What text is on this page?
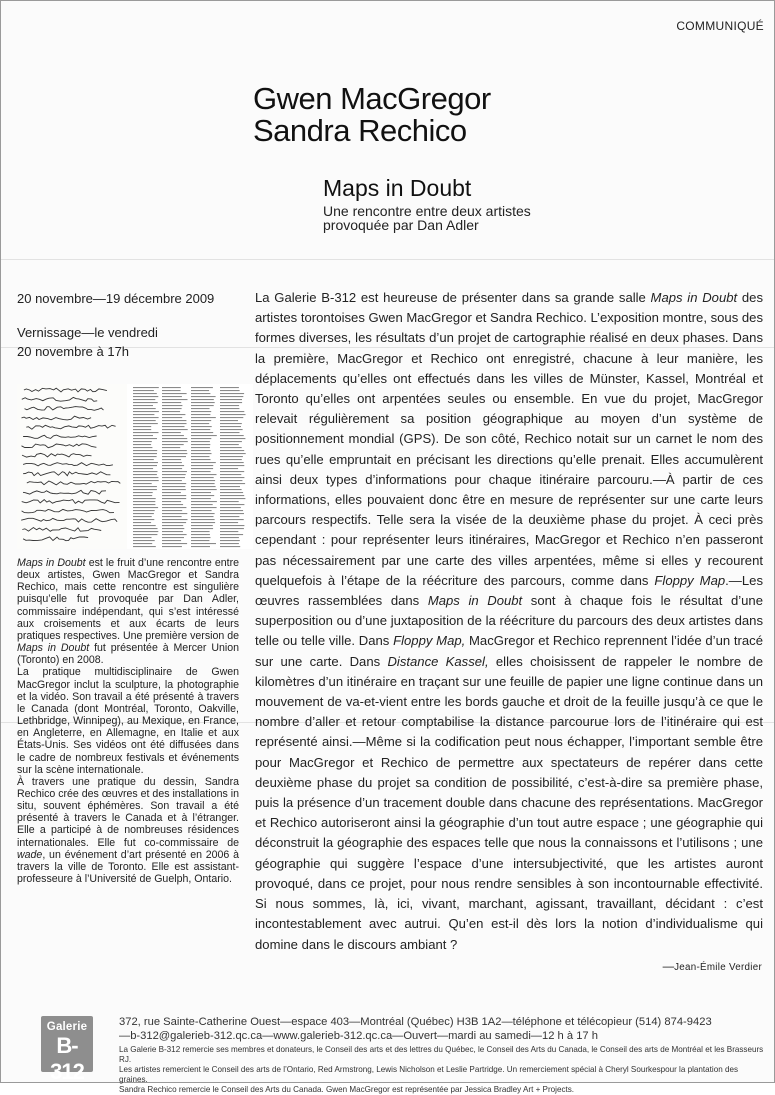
COMMUNIQUÉ
Gwen MacGregor
Sandra Rechico
Maps in Doubt
Une rencontre entre deux artistes
provoquée par Dan Adler
20 novembre—19 décembre 2009
Vernissage—le vendredi
20 novembre à 17h

Maps in Doubt est le fruit d’une rencontre entre deux artistes, Gwen MacGregor et Sandra Rechico, mais cette rencontre est singulière puisqu’elle fut provoquée par Dan Adler, commissaire indépendant, qui s’est intéressé aux croisements et aux écarts de leurs pratiques respectives. Une première version de Maps in Doubt fut présentée à Mercer Union (Toronto) en 2008.

La pratique multidisciplinaire de Gwen MacGregor inclut la sculpture, la photographie et la vidéo. Son travail a été présenté à travers le Canada (dont Montréal, Toronto, Oakville, Lethbridge, Winnipeg), au Mexique, en France, en Angleterre, en Allemagne, en Italie et aux États-Unis. Ses vidéos ont été diffusées dans le cadre de nombreux festivals et événements sur la scène internationale.

À travers une pratique du dessin, Sandra Rechico crée des œuvres et des installations in situ, souvent éphémères. Son travail a été présenté à travers le Canada et à l’étranger. Elle a participé à de nombreuses résidences internationales. Elle fut co-commissaire de wade, un événement d’art présenté en 2006 à travers la ville de Toronto. Elle est assistant-professeure à l’Université de Guelph, Ontario.

La Galerie B-312 est heureuse de présenter dans sa grande salle Maps in Doubt des artistes torontoises Gwen MacGregor et Sandra Rechico. L’exposition montre, sous des formes diverses, les résultats d’un projet de cartographie réalisé en deux phases. Dans la première, MacGregor et Rechico ont enregistré, chacune à leur manière, les déplacements qu’elles ont effectués dans les villes de Münster, Kassel, Montréal et Toronto qu’elles ont arpentées seules ou ensemble. En vue du projet, MacGregor relevait régulièrement sa position géographique au moyen d’un système de positionnement mondial (GPS). De son côté, Rechico notait sur un carnet le nom des rues qu’elle empruntait en précisant les directions qu’elle prenait. Elles accumulèrent ainsi deux types d’informations pour chaque itinéraire parcouru.—À partir de ces informations, elles pouvaient donc être en mesure de représenter sur une carte leurs parcours respectifs. Telle sera la visée de la deuxième phase du projet. À ceci près cependant : pour représenter leurs itinéraires, MacGregor et Rechico n’en passeront pas nécessairement par une carte des villes arpentées, même si elles y recourent quelquefois à l’étape de la réécriture des parcours, comme dans Floppy Map.—Les œuvres rassemblées dans Maps in Doubt sont à chaque fois le résultat d’une superposition ou d’une juxtaposition de la réécriture du parcours des deux artistes dans telle ou telle ville. Dans Floppy Map, MacGregor et Rechico reprennent l’idée d’un tracé sur une carte. Dans Distance Kassel, elles choisissent de rappeler le nombre de kilomètres d’un itinéraire en traçant sur une feuille de papier une ligne continue dans un mouvement de va-et-vient entre les bords gauche et droit de la feuille jusqu’à ce que le nombre d’aller et retour comptabilise la distance parcourue lors de l’itinéraire qui est représenté ainsi.—Même si la codification peut nous échapper, l’important semble être pour MacGregor et Rechico de permettre aux spectateurs de repérer dans cette deuxième phase du projet sa condition de possibilité, c’est-à-dire sa première phase, puis la présence d’un tracement double dans chacune des représentations. MacGregor et Rechico autoriseront ainsi la géographie d’un tout autre espace ; une géographie qui déconstruit la géographie des espaces telle que nous la connaissons et l’utilisons ; une géographie qui suggère l’espace d’une intersubjectivité, que les artistes auront provoqué, dans ce projet, pour nous rendre sensibles à son incontournable effectivité. Si nous sommes, là, ici, vivant, marchant, agissant, travaillant, décidant : c’est incontestablement avec autrui. Qu’en est-il dès lors la notion d’individualisme qui domine dans le discours ambiant ?

—Jean-Émile Verdier
Galerie
B-312
372, rue Sainte-Catherine Ouest—espace 403—Montréal (Québec) H3B 1A2—téléphone et télécopieur (514) 874-9423
—b-312@galerieb-312.qc.ca—www.galerieb-312.qc.ca—Ouvert—mardi au samedi—12 h à 17 h
La Galerie B-312 remercie ses membres et donateurs, le Conseil des arts et des lettres du Québec, le Conseil des Arts du Canada, le Conseil des arts de Montréal et les Brasseurs RJ.
Les artistes remercient le Conseil des arts de l’Ontario, Red Armstrong, Lewis Nicholson et Leslie Partridge. Un remerciement spécial à Cheryl Sourkespour la plantation des graines.
Sandra Rechico remercie le Conseil des Arts du Canada. Gwen MacGregor est représentée par Jessica Bradley Art + Projects.
